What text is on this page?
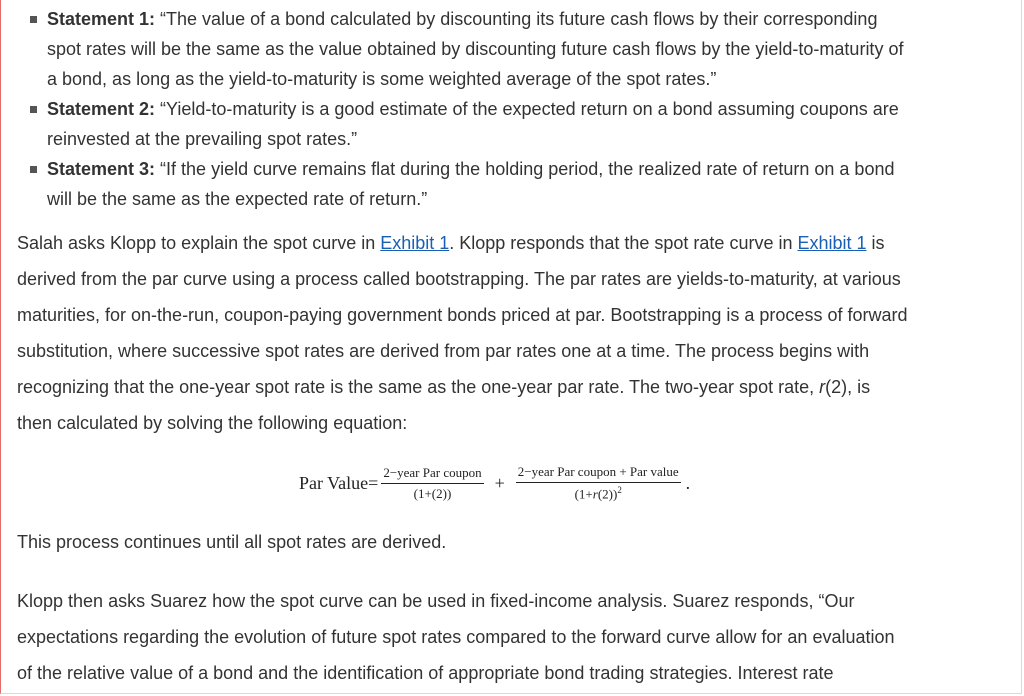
Statement 1: “The value of a bond calculated by discounting its future cash flows by their corresponding
spot rates will be the same as the value obtained by discounting future cash flows by the yield-to-maturity of
a bond, as long as the yield-to-maturity is some weighted average of the spot rates.”
Statement 2: “Yield-to-maturity is a good estimate of the expected return on a bond assuming coupons are
reinvested at the prevailing spot rates.”
Statement 3: “If the yield curve remains flat during the holding period, the realized rate of return on a bond
will be the same as the expected rate of return.”

Salah asks Klopp to explain the spot curve in Exhibit 1. Klopp responds that the spot rate curve in Exhibit 1 is
derived from the par curve using a process called bootstrapping. The par rates are yields-to-maturity, at various
maturities, for on-the-run, coupon-paying government bonds priced at par. Bootstrapping is a process of forward
substitution, where successive spot rates are derived from par rates one at a time. The process begins with
recognizing that the one-year spot rate is the same as the one-year par rate. The two-year spot rate, r(2), is
then calculated by solving the following equation:

Par Value= $\frac{\text{2−year Par coupon}}{(1+(2))} + \frac{\text{2−year Par coupon + Par value}}{(1+r(2))^2}$ .

This process continues until all spot rates are derived.

Klopp then asks Suarez how the spot curve can be used in fixed-income analysis. Suarez responds, “Our
expectations regarding the evolution of future spot rates compared to the forward curve allow for an evaluation
of the relative value of a bond and the identification of appropriate bond trading strategies. Interest rate
